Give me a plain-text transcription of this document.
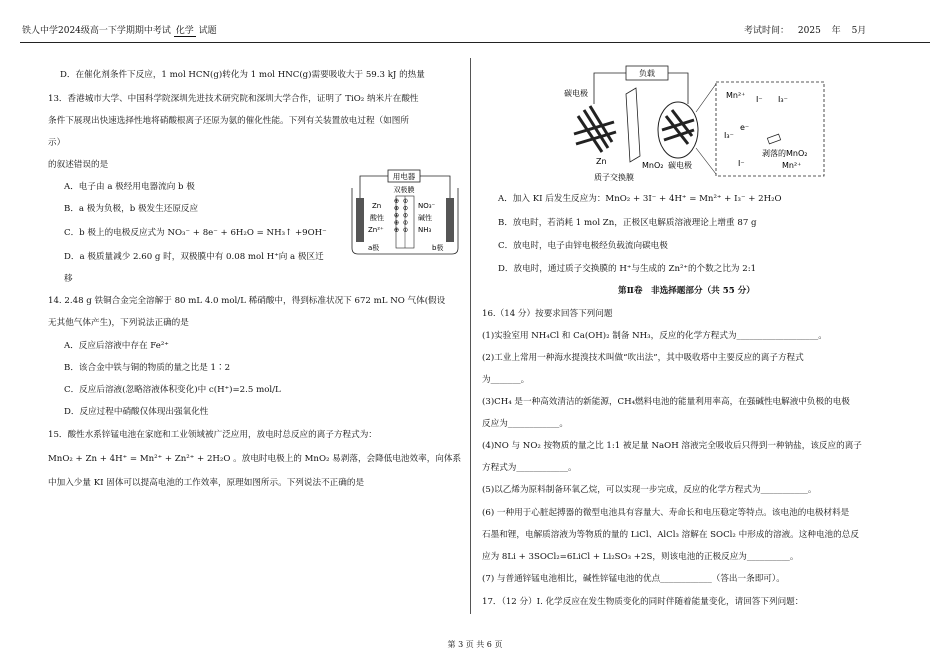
铁人中学2024级高一下学期期中考试 化学 试题	考试时间： 2025 年 5月
D．在催化剂条件下反应，1 mol HCN(g)转化为 1 mol HNC(g)需要吸收大于 59.3 kJ 的热量
13．香港城市大学、中国科学院深圳先进技术研究院和深圳大学合作，证明了 TiO₂ 纳米片在酸性
条件下展现出快速选择性地将硝酸根离子还原为氨的催化性能。下列有关装置放电过程（如图所
示）
的叙述错误的是
A．电子由 a 极经用电器流向 b 极
B．a 极为负极，b 极发生还原反应
C．b 极上的电极反应式为 NO₃⁻ + 8e⁻ + 6H₂O = NH₃↑ +9OH⁻
D．a 极质量减少 2.60 g 时，双极膜中有 0.08 mol H⁺向 a 极区迁
移
用电器
双极膜
⊕⊕⊕⊕⊕ ⊖⊖⊖⊖⊖
Zn
酸性
Zn²⁺
NO₃⁻
碱性
NH₃
a极	b极
14. 2.48 g 铁铜合金完全溶解于 80 mL 4.0 mol/L 稀硝酸中，得到标准状况下 672 mL NO 气体(假设
无其他气体产生)，下列说法正确的是
A．反应后溶液中存在 Fe²⁺
B．该合金中铁与铜的物质的量之比是 1∶2
C．反应后溶液(忽略溶液体积变化)中 c(H⁺)=2.5 mol/L
D．反应过程中硝酸仅体现出强氧化性
15．酸性水系锌锰电池在家庭和工业领域被广泛应用，放电时总反应的离子方程式为：
MnO₂ + Zn + 4H⁺ = Mn²⁺ + Zn²⁺ + 2H₂O 。放电时电极上的 MnO₂ 易剥落，会降低电池效率，向体系
中加入少量 KI 固体可以提高电池的工作效率，原理如图所示。下列说法不正确的是
负载
碳电极
Zn
质子交换膜
MnO₂ 碳电极
Mn²⁺ I⁻ I₃⁻
e⁻
I₃⁻
I⁻
剥落的MnO₂
Mn²⁺
A．加入 KI 后发生反应为：MnO₂ + 3I⁻ + 4H⁺ = Mn²⁺ + I₃⁻ + 2H₂O
B．放电时，若消耗 1 mol Zn，正极区电解质溶液理论上增重 87 g
C．放电时，电子由锌电极经负载流向碳电极
D．放电时，通过质子交换膜的 H⁺与生成的 Zn²⁺的个数之比为 2:1
第Ⅱ卷　非选择题部分（共 55 分）
16.（14 分）按要求回答下列问题
(1)实验室用 NH₄Cl 和 Ca(OH)₂ 制备 NH₃，反应的化学方程式为___________________。
(2)工业上常用一种海水提溴技术叫做“吹出法”，其中吸收塔中主要反应的离子方程式
为_______。
(3)CH₄ 是一种高效清洁的新能源，CH₄燃料电池的能量利用率高，在强碱性电解液中负极的电极
反应为____________。
(4)NO 与 NO₂ 按物质的量之比 1:1 被足量 NaOH 溶液完全吸收后只得到一种钠盐，该反应的离子
方程式为____________。
(5)以乙烯为原料制备环氧乙烷，可以实现一步完成，反应的化学方程式为___________。
(6) 一种用于心脏起搏器的微型电池具有容量大、寿命长和电压稳定等特点。该电池的电极材料是
石墨和锂，电解质溶液为等物质的量的 LiCl、AlCl₃ 溶解在 SOCl₂ 中形成的溶液。这种电池的总反
应为 8Li + 3SOCl₂=6LiCl + Li₂SO₃ +2S，则该电池的正极反应为__________。
(7) 与普通锌锰电池相比，碱性锌锰电池的优点____________（答出一条即可）。
17．（12 分）Ⅰ. 化学反应在发生物质变化的同时伴随着能量变化，请回答下列问题：
第 3 页 共 6 页
